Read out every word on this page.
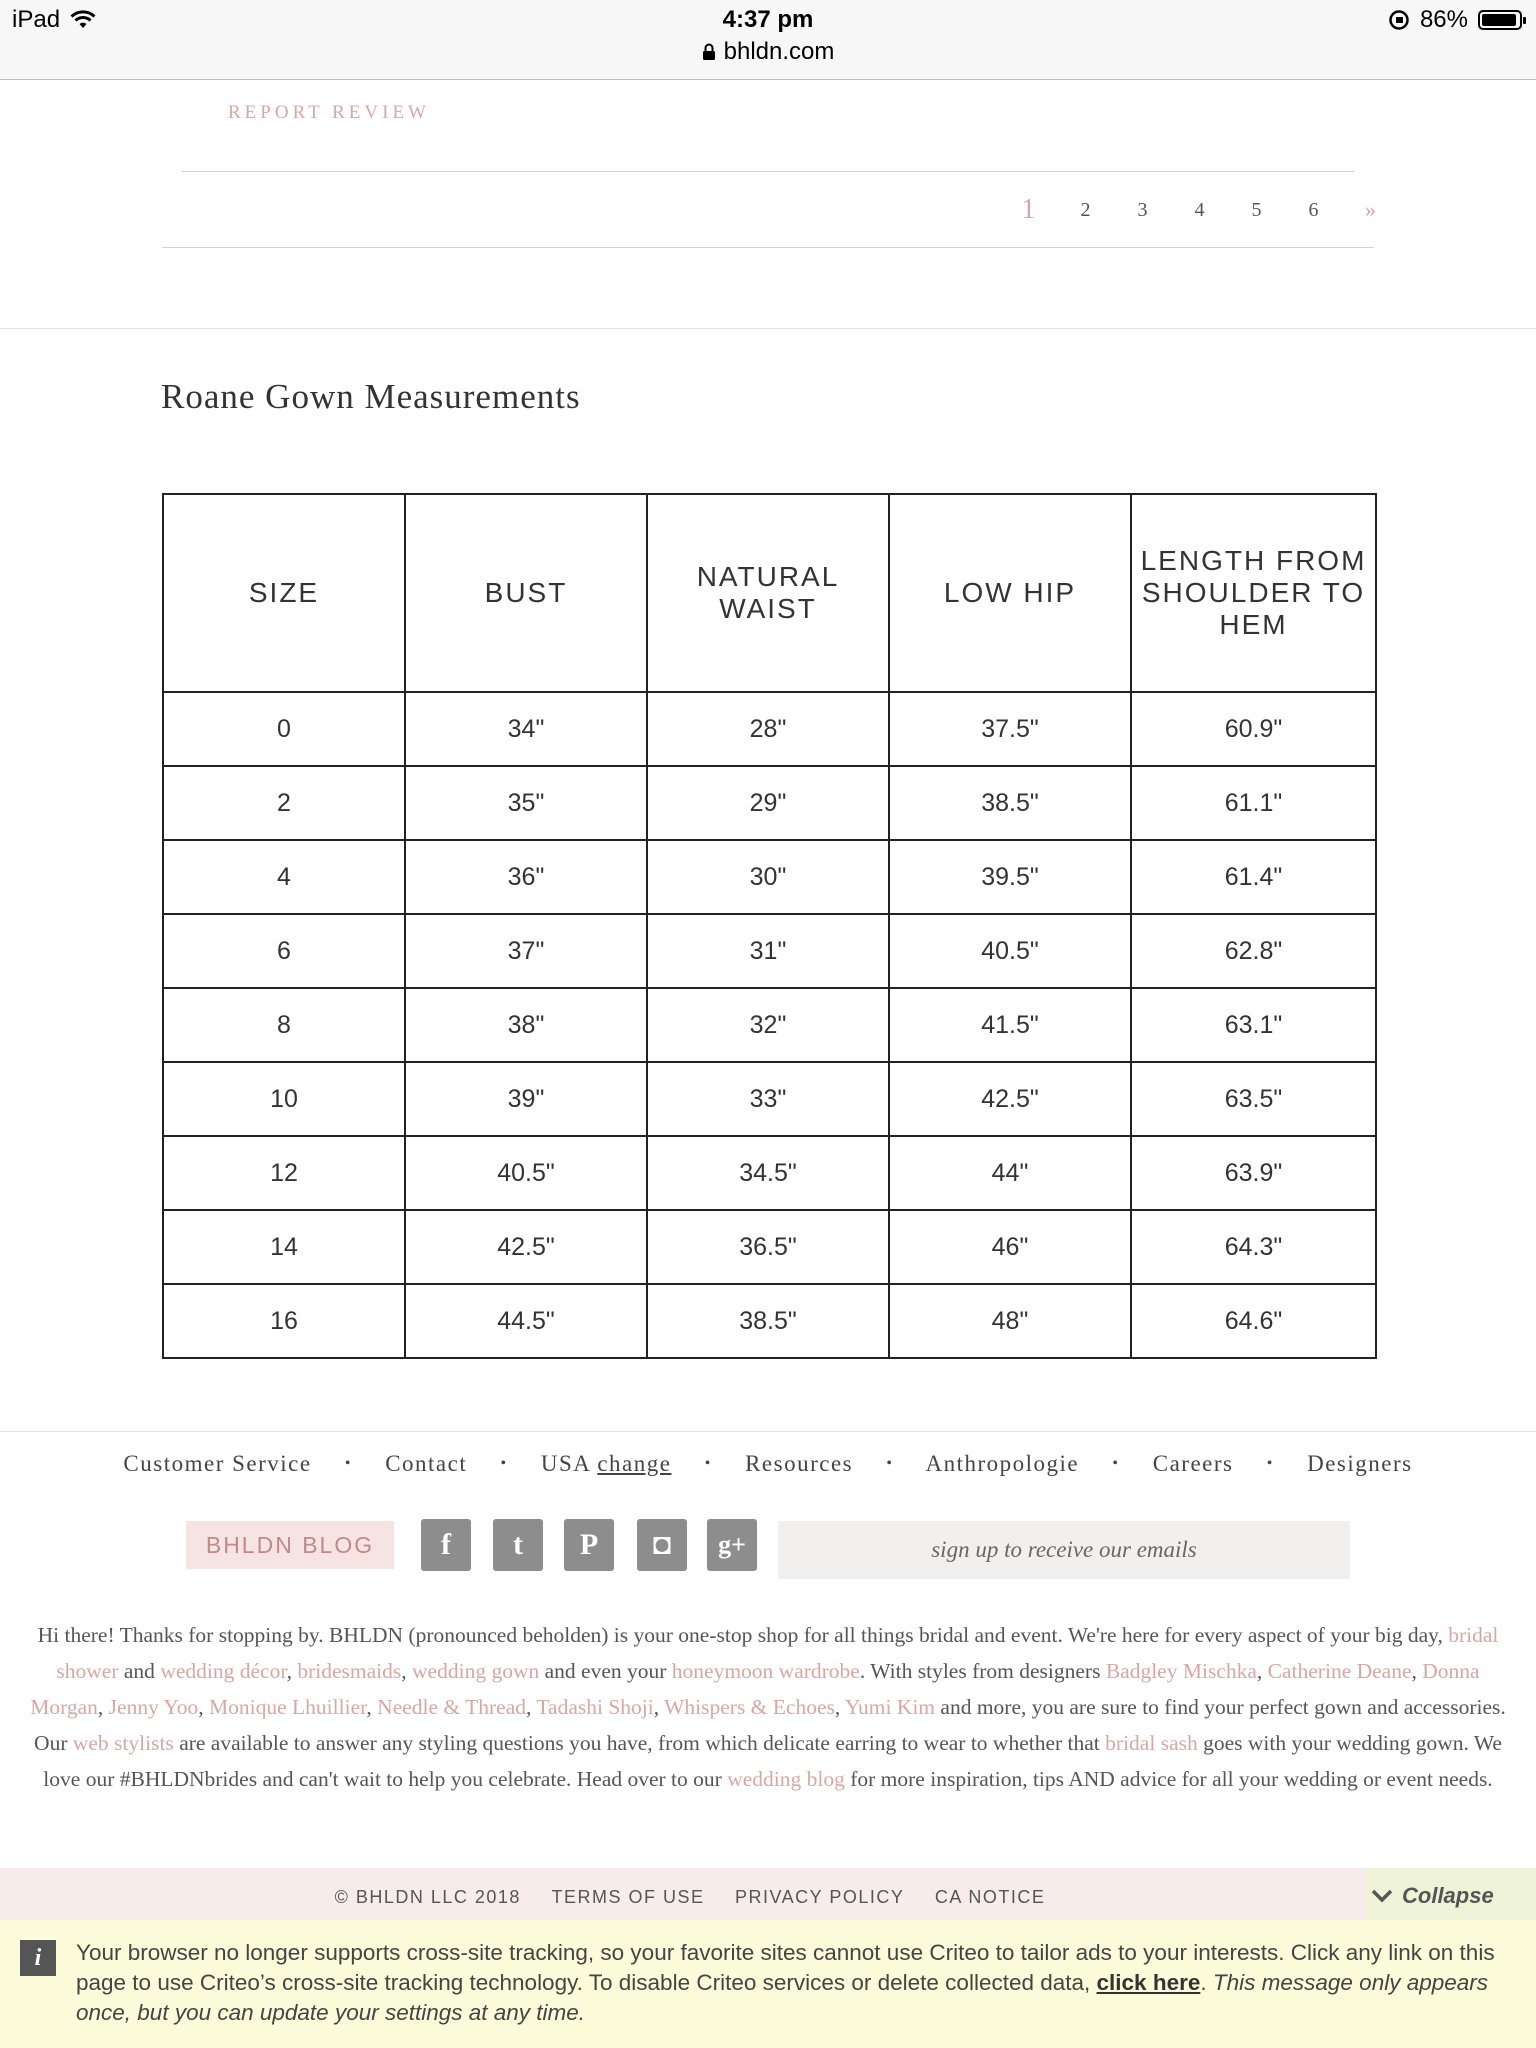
iPad	4:37 pm
bhldn.com
86%
REPORT REVIEW
1	2	3	4	5	6	»
Roane Gown Measurements
SIZE	BUST	NATURAL WAIST	LOW HIP	LENGTH FROM SHOULDER TO HEM

0	34"	28"	37.5"	60.9"
2	35"	29"	38.5"	61.1"
4	36"	30"	39.5"	61.4"
6	37"	31"	40.5"	62.8"
8	38"	32"	41.5"	63.1"
10	39"	33"	42.5"	63.5"
12	40.5"	34.5"	44"	63.9"
14	42.5"	36.5"	46"	64.3"
16	44.5"	38.5"	48"	64.6"
Customer Service • Contact • USA change • Resources • Anthropologie • Careers • Designers
BHLDN BLOG	f	t	P	◘	g+	sign up to receive our emails
Hi there! Thanks for stopping by. BHLDN (pronounced beholden) is your one-stop shop for all things bridal and event. We're here for every aspect of your big day, bridal shower and wedding décor, bridesmaids, wedding gown and even your honeymoon wardrobe. With styles from designers Badgley Mischka, Catherine Deane, Donna Morgan, Jenny Yoo, Monique Lhuillier, Needle & Thread, Tadashi Shoji, Whispers & Echoes, Yumi Kim and more, you are sure to find your perfect gown and accessories. Our web stylists are available to answer any styling questions you have, from which delicate earring to wear to whether that bridal sash goes with your wedding gown. We love our #BHLDNbrides and can't wait to help you celebrate. Head over to our wedding blog for more inspiration, tips AND advice for all your wedding or event needs.
© BHLDN LLC 2018 TERMS OF USE PRIVACY POLICY CA NOTICE	Collapse
i	Your browser no longer supports cross-site tracking, so your favorite sites cannot use Criteo to tailor ads to your interests. Click any link on this page to use Criteo’s cross-site tracking technology. To disable Criteo services or delete collected data, click here. This message only appears once, but you can update your settings at any time.
